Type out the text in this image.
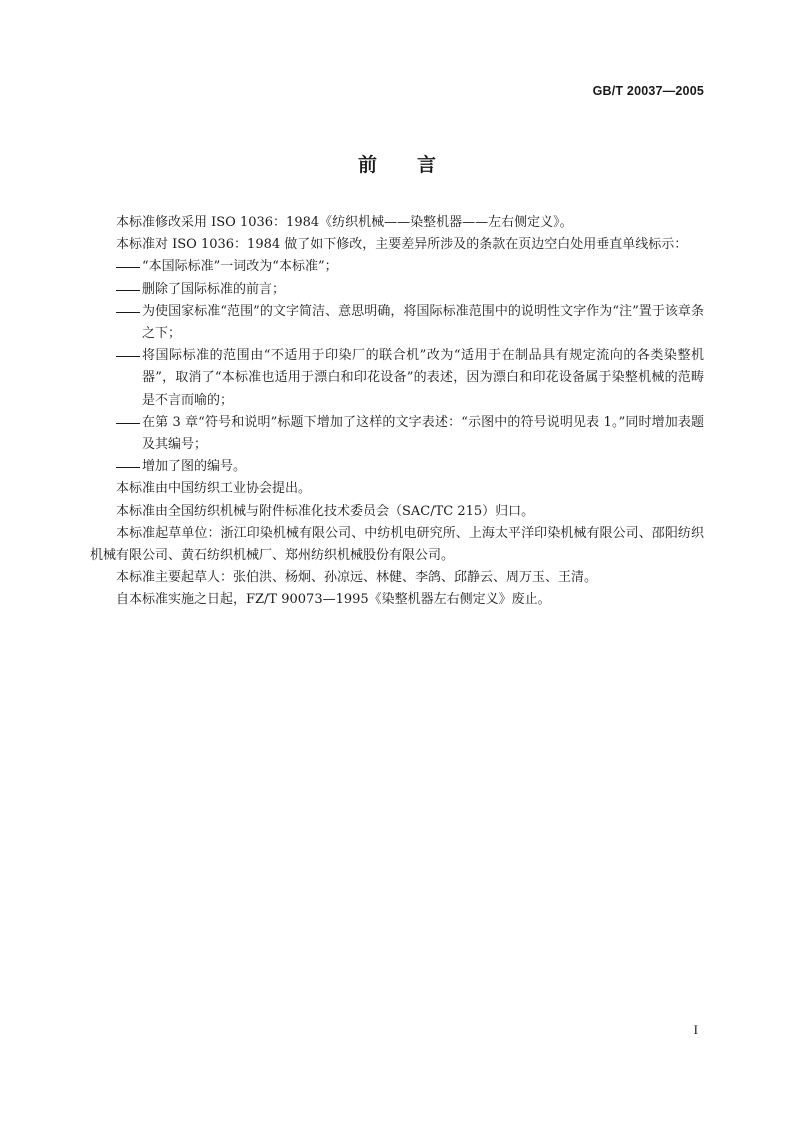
GB/T 20037—2005
前言

本标准修改采用 ISO 1036：1984《纺织机械——染整机器——左右侧定义》。

本标准对 ISO 1036：1984 做了如下修改，主要差异所涉及的条款在页边空白处用垂直单线标示：

“本国际标准”一词改为“本标准”；
删除了国际标准的前言；
为使国家标准“范围”的文字简洁、意思明确，将国际标准范围中的说明性文字作为“注”置于该章条之下；
将国际标准的范围由“不适用于印染厂的联合机”改为“适用于在制品具有规定流向的各类染整机器”，取消了“本标准也适用于漂白和印花设备”的表述，因为漂白和印花设备属于染整机械的范畴是不言而喻的；
在第 3 章“符号和说明”标题下增加了这样的文字表述：“示图中的符号说明见表 1。”同时增加表题及其编号；
增加了图的编号。

本标准由中国纺织工业协会提出。

本标准由全国纺织机械与附件标准化技术委员会（SAC/TC 215）归口。

本标准起草单位：浙江印染机械有限公司、中纺机电研究所、上海太平洋印染机械有限公司、邵阳纺织机械有限公司、黄石纺织机械厂、郑州纺织机械股份有限公司。

本标准主要起草人：张伯洪、杨炯、孙凉远、林健、李鸽、邱静云、周万玉、王清。

自本标准实施之日起，FZ/T 90073—1995《染整机器左右侧定义》废止。

I
